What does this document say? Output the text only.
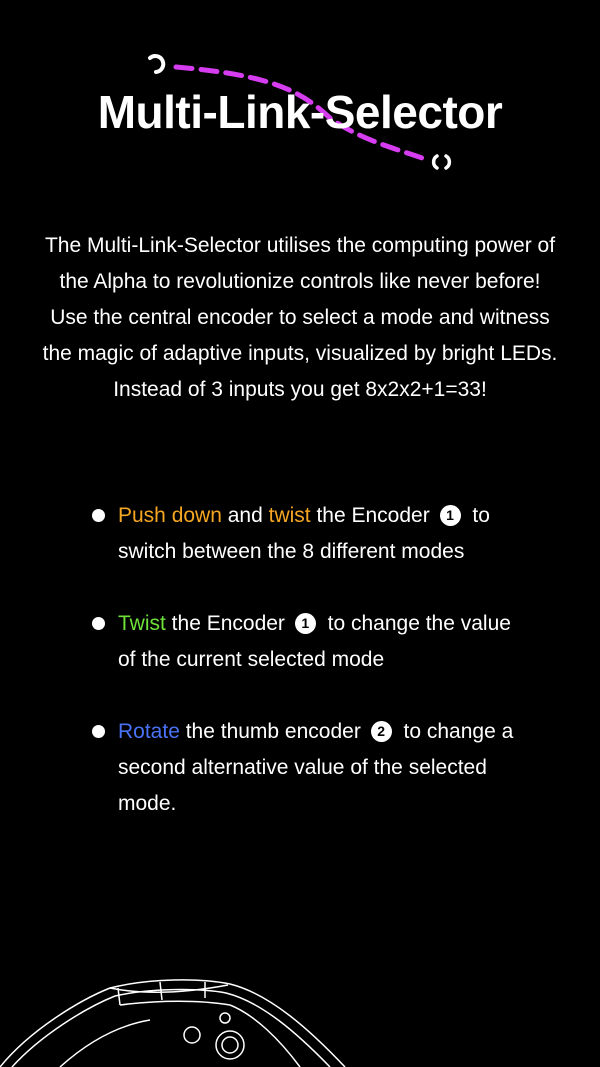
Multi-Link-Selector

The Multi-Link-Selector utilises the computing power of the Alpha to revolutionize controls like never before! Use the central encoder to select a mode and witness the magic of adaptive inputs, visualized by bright LEDs.

Instead of 3 inputs you get 8x2x2+1=33!

Push down and twist the Encoder 1 to switch between the 8 different modes
Twist the Encoder 1 to change the value of the current selected mode
Rotate the thumb encoder 2 to change a second alternative value of the selected mode.
